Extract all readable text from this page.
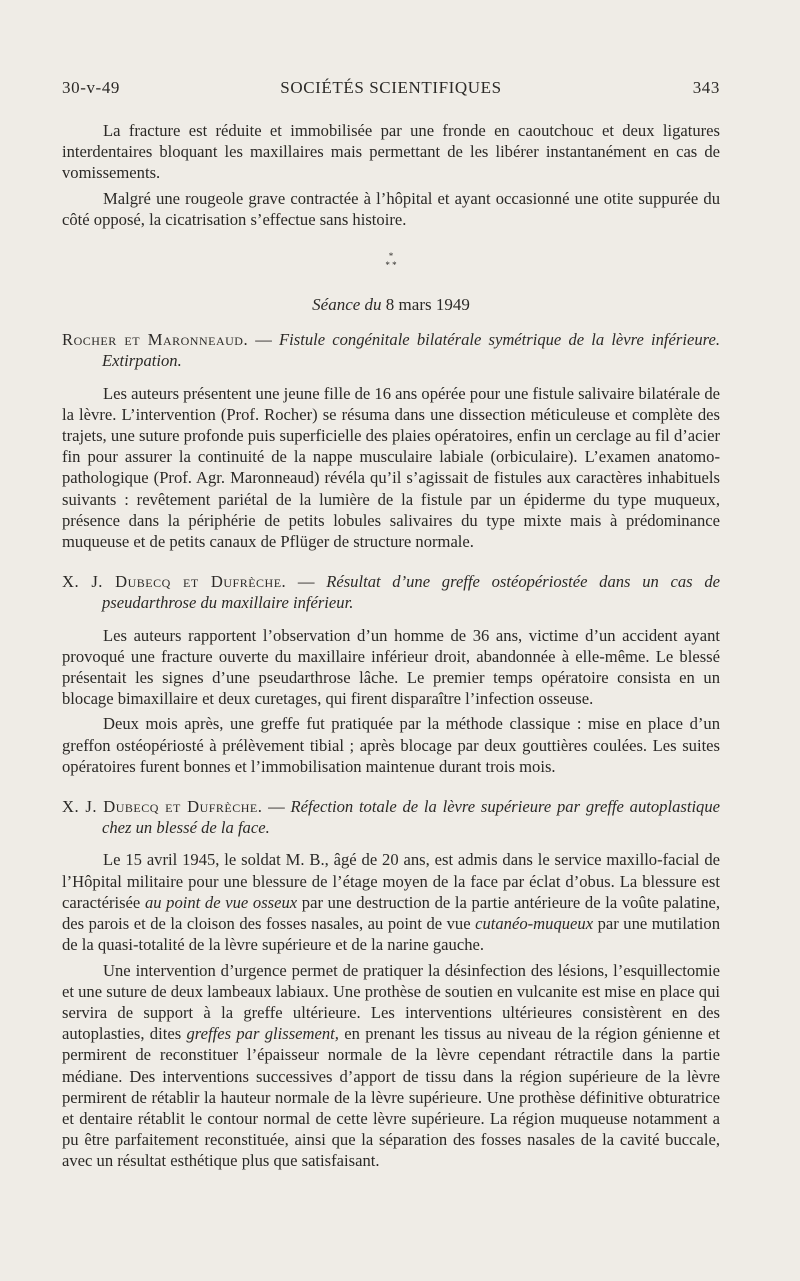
30-v-49	SOCIÉTÉS SCIENTIFIQUES	343

La fracture est réduite et immobilisée par une fronde en caoutchouc et deux ligatures interdentaires bloquant les maxillaires mais permettant de les libérer instantanément en cas de vomissements.

Malgré une rougeole grave contractée à l’hôpital et ayant occasionné une otite suppurée du côté opposé, la cicatrisation s’effectue sans histoire.

*
* *
Séance du 8 mars 1949
Rocher et Maronneaud. — Fistule congénitale bilatérale symétrique de la lèvre inférieure. Extirpation.

Les auteurs présentent une jeune fille de 16 ans opérée pour une fistule salivaire bilatérale de la lèvre. L’intervention (Prof. Rocher) se résuma dans une dissection méticuleuse et complète des trajets, une suture profonde puis superficielle des plaies opératoires, enfin un cerclage au fil d’acier fin pour assurer la continuité de la nappe musculaire labiale (orbiculaire). L’examen anatomo-pathologique (Prof. Agr. Maronneaud) révéla qu’il s’agissait de fistules aux caractères inhabituels suivants : revêtement pariétal de la lumière de la fistule par un épiderme du type muqueux, présence dans la périphérie de petits lobules salivaires du type mixte mais à prédominance muqueuse et de petits canaux de Pflüger de structure normale.

X. J. Dubecq et Dufrèche. — Résultat d’une greffe ostéopériostée dans un cas de pseudarthrose du maxillaire inférieur.

Les auteurs rapportent l’observation d’un homme de 36 ans, victime d’un accident ayant provoqué une fracture ouverte du maxillaire inférieur droit, abandonnée à elle-même. Le blessé présentait les signes d’une pseudarthrose lâche. Le premier temps opératoire consista en un blocage bimaxillaire et deux curetages, qui firent disparaître l’infection osseuse.

Deux mois après, une greffe fut pratiquée par la méthode classique : mise en place d’un greffon ostéopériosté à prélèvement tibial ; après blocage par deux gouttières coulées. Les suites opératoires furent bonnes et l’immobilisation maintenue durant trois mois.

X. J. Dubecq et Dufrèche. — Réfection totale de la lèvre supérieure par greffe autoplastique chez un blessé de la face.

Le 15 avril 1945, le soldat M. B., âgé de 20 ans, est admis dans le service maxillo-facial de l’Hôpital militaire pour une blessure de l’étage moyen de la face par éclat d’obus. La blessure est caractérisée au point de vue osseux par une destruction de la partie antérieure de la voûte palatine, des parois et de la cloison des fosses nasales, au point de vue cutanéo-muqueux par une mutilation de la quasi-totalité de la lèvre supérieure et de la narine gauche.

Une intervention d’urgence permet de pratiquer la désinfection des lésions, l’esquillectomie et une suture de deux lambeaux labiaux. Une prothèse de soutien en vulcanite est mise en place qui servira de support à la greffe ultérieure. Les interventions ultérieures consistèrent en des autoplasties, dites greffes par glissement, en prenant les tissus au niveau de la région génienne et permirent de reconstituer l’épaisseur normale de la lèvre cependant rétractile dans la partie médiane. Des interventions successives d’apport de tissu dans la région supérieure de la lèvre permirent de rétablir la hauteur normale de la lèvre supérieure. Une prothèse définitive obturatrice et dentaire rétablit le contour normal de cette lèvre supérieure. La région muqueuse notamment a pu être parfaitement reconstituée, ainsi que la séparation des fosses nasales de la cavité buccale, avec un résultat esthétique plus que satisfaisant.
